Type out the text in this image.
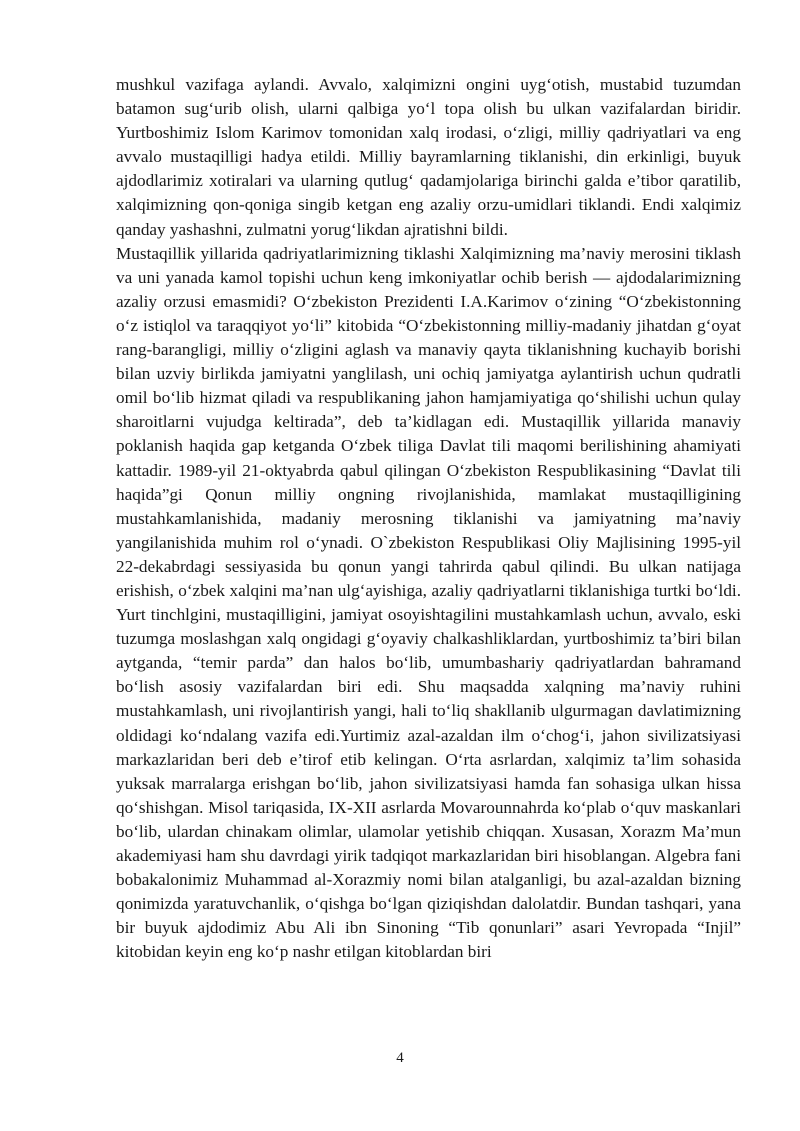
mushkul vazifaga aylandi. Avvalo, xalqimizni ongini uyg‘otish, mustabid tuzumdan batamon sug‘urib olish, ularni qalbiga yo‘l topa olish bu ulkan vazifalardan biridir. Yurtboshimiz Islom Karimov tomonidan xalq irodasi, o‘zligi, milliy qadriyatlari va eng avvalo mustaqilligi hadya etildi. Milliy bayramlarning tiklanishi, din erkinligi, buyuk ajdodlarimiz xotiralari va ularning qutlug‘ qadamjolariga birinchi galda e’tibor qaratilib, xalqimizning qon-qoniga singib ketgan eng azaliy orzu-umidlari tiklandi. Endi xalqimiz qanday yashashni, zulmatni yorug‘likdan ajratishni bildi.

Mustaqillik yillarida qadriyatlarimizning tiklashi Xalqimizning ma’naviy merosini tiklash va uni yanada kamol topishi uchun keng imkoniyatlar ochib berish — ajdodalarimizning azaliy orzusi emasmidi? O‘zbekiston Prezidenti I.A.Karimov o‘zining “O‘zbekistonning o‘z istiqlol va taraqqiyot yo‘li” kitobida “O‘zbekistonning milliy-madaniy jihatdan g‘oyat rang-barangligi, milliy o‘zligini aglash va manaviy qayta tiklanishning kuchayib borishi bilan uzviy birlikda jamiyatni yanglilash, uni ochiq jamiyatga aylantirish uchun qudratli omil bo‘lib hizmat qiladi va respublikaning jahon hamjamiyatiga qo‘shilishi uchun qulay sharoitlarni vujudga keltirada”, deb ta’kidlagan edi. Mustaqillik yillarida manaviy poklanish haqida gap ketganda O‘zbek tiliga Davlat tili maqomi berilishining ahamiyati kattadir. 1989-yil 21-oktyabrda qabul qilingan O‘zbekiston Respublikasining “Davlat tili haqida”gi Qonun milliy ongning rivojlanishida, mamlakat mustaqilligining mustahkamlanishida, madaniy merosning tiklanishi va jamiyatning ma’naviy yangilanishida muhim rol o‘ynadi. O`zbekiston Respublikasi Oliy Majlisining 1995-yil 22-dekabrdagi sessiyasida bu qonun yangi tahrirda qabul qilindi. Bu ulkan natijaga erishish, o‘zbek xalqini ma’nan ulg‘ayishiga, azaliy qadriyatlarni tiklanishiga turtki bo‘ldi. Yurt tinchlgini, mustaqilligini, jamiyat osoyishtagilini mustahkamlash uchun, avvalo, eski tuzumga moslashgan xalq ongidagi g‘oyaviy chalkashliklardan, yurtboshimiz ta’biri bilan aytganda, “temir parda” dan halos bo‘lib, umumbashariy qadriyatlardan bahramand bo‘lish asosiy vazifalardan biri edi. Shu maqsadda xalqning ma’naviy ruhini mustahkamlash, uni rivojlantirish yangi, hali to‘liq shakllanib ulgurmagan davlatimizning oldidagi ko‘ndalang vazifa edi.Yurtimiz azal-azaldan ilm o‘chog‘i, jahon sivilizatsiyasi markazlaridan beri deb e’tirof etib kelingan. O‘rta asrlardan, xalqimiz ta’lim sohasida yuksak marralarga erishgan bo‘lib, jahon sivilizatsiyasi hamda fan sohasiga ulkan hissa qo‘shishgan. Misol tariqasida, IX-XII asrlarda Movarounnahrda ko‘plab o‘quv maskanlari bo‘lib, ulardan chinakam olimlar, ulamolar yetishib chiqqan. Xusasan, Xorazm Ma’mun akademiyasi ham shu davrdagi yirik tadqiqot markazlaridan biri hisoblangan. Algebra fani bobakalonimiz Muhammad al-Xorazmiy nomi bilan atalganligi, bu azal-azaldan bizning qonimizda yaratuvchanlik, o‘qishga bo‘lgan qiziqishdan dalolatdir. Bundan tashqari, yana bir buyuk ajdodimiz Abu Ali ibn Sinoning “Tib qonunlari” asari Yevropada “Injil” kitobidan keyin eng ko‘p nashr etilgan kitoblardan biri

4
